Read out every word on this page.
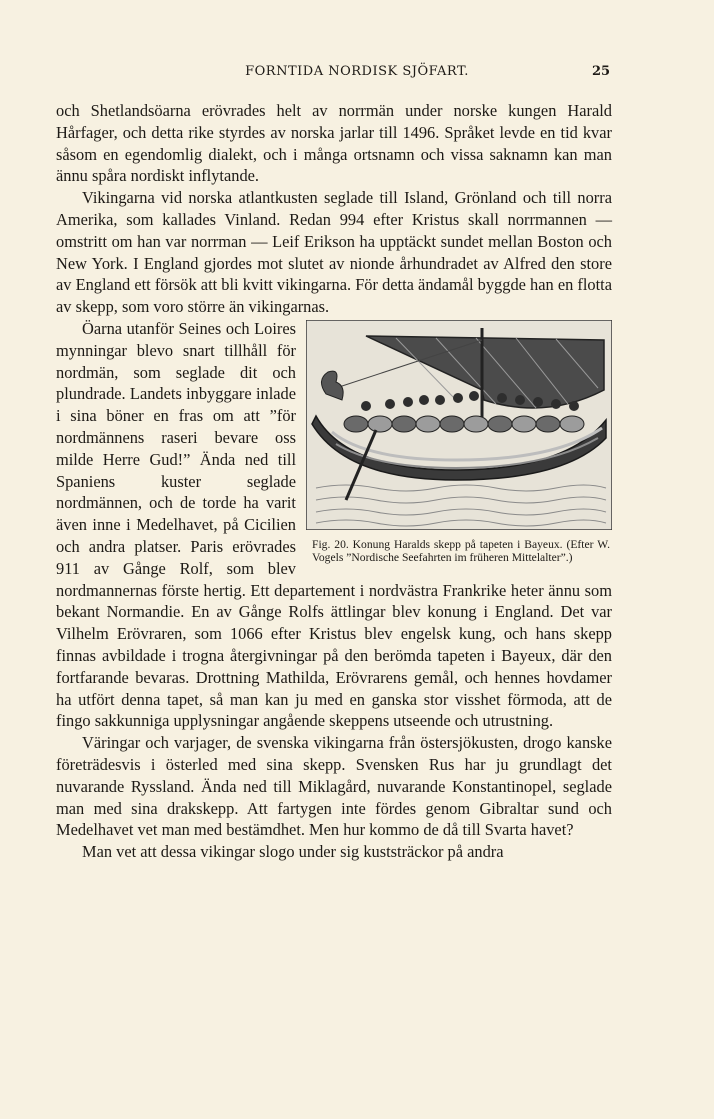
FORNTIDA NORDISK SJÖFART.	25

och Shetlandsöarna erövrades helt av norrmän under norske kungen Harald Hårfager, och detta rike styrdes av norska jarlar till 1496. Språket levde en tid kvar såsom en egendomlig dialekt, och i många ortsnamn och vissa saknamn kan man ännu spåra nordiskt inflytande.

Vikingarna vid norska atlantkusten seglade till Island, Grönland och till norra Amerika, som kallades Vinland. Redan 994 efter Kristus skall norrmannen — omstritt om han var norrman — Leif Erikson ha upptäckt sundet mellan Boston och New York. I England gjordes mot slutet av nionde århundradet av Alfred den store av England ett försök att bli kvitt vikingarna. För detta ändamål byggde han en flotta av skepp, som voro större än vikingarnas.

Fig. 20. Konung Haralds skepp på tapeten i Bayeux. (Efter W. Vogels ”Nordische Seefahrten im früheren Mittelalter”.)

Öarna utanför Seines och Loires mynningar blevo snart tillhåll för nordmän, som seglade dit och plundrade. Landets inbyggare inlade i sina böner en fras om att ”för nordmännens raseri bevare oss milde Herre Gud!” Ända ned till Spaniens kuster seglade nordmännen, och de torde ha varit även inne i Medelhavet, på Cicilien och andra platser. Paris erövrades 911 av Gånge Rolf, som blev nordmannernas förste hertig. Ett departement i nordvästra Frankrike heter ännu som bekant Normandie. En av Gånge Rolfs ättlingar blev konung i England. Det var Vilhelm Erövraren, som 1066 efter Kristus blev engelsk kung, och hans skepp finnas avbildade i trogna återgivningar på den berömda tapeten i Bayeux, där den fortfarande bevaras. Drottning Mathilda, Erövrarens gemål, och hennes hovdamer ha utfört denna tapet, så man kan ju med en ganska stor visshet förmoda, att de fingo sakkunniga upplysningar angående skeppens utseende och utrustning.

Väringar och varjager, de svenska vikingarna från östersjökusten, drogo kanske företrädesvis i österled med sina skepp. Svensken Rus har ju grundlagt det nuvarande Ryssland. Ända ned till Miklagård, nuvarande Konstantinopel, seglade man med sina drakskepp. Att fartygen inte fördes genom Gibraltar sund och Medelhavet vet man med bestämdhet. Men hur kommo de då till Svarta havet?

Man vet att dessa vikingar slogo under sig kuststräckor på andra
